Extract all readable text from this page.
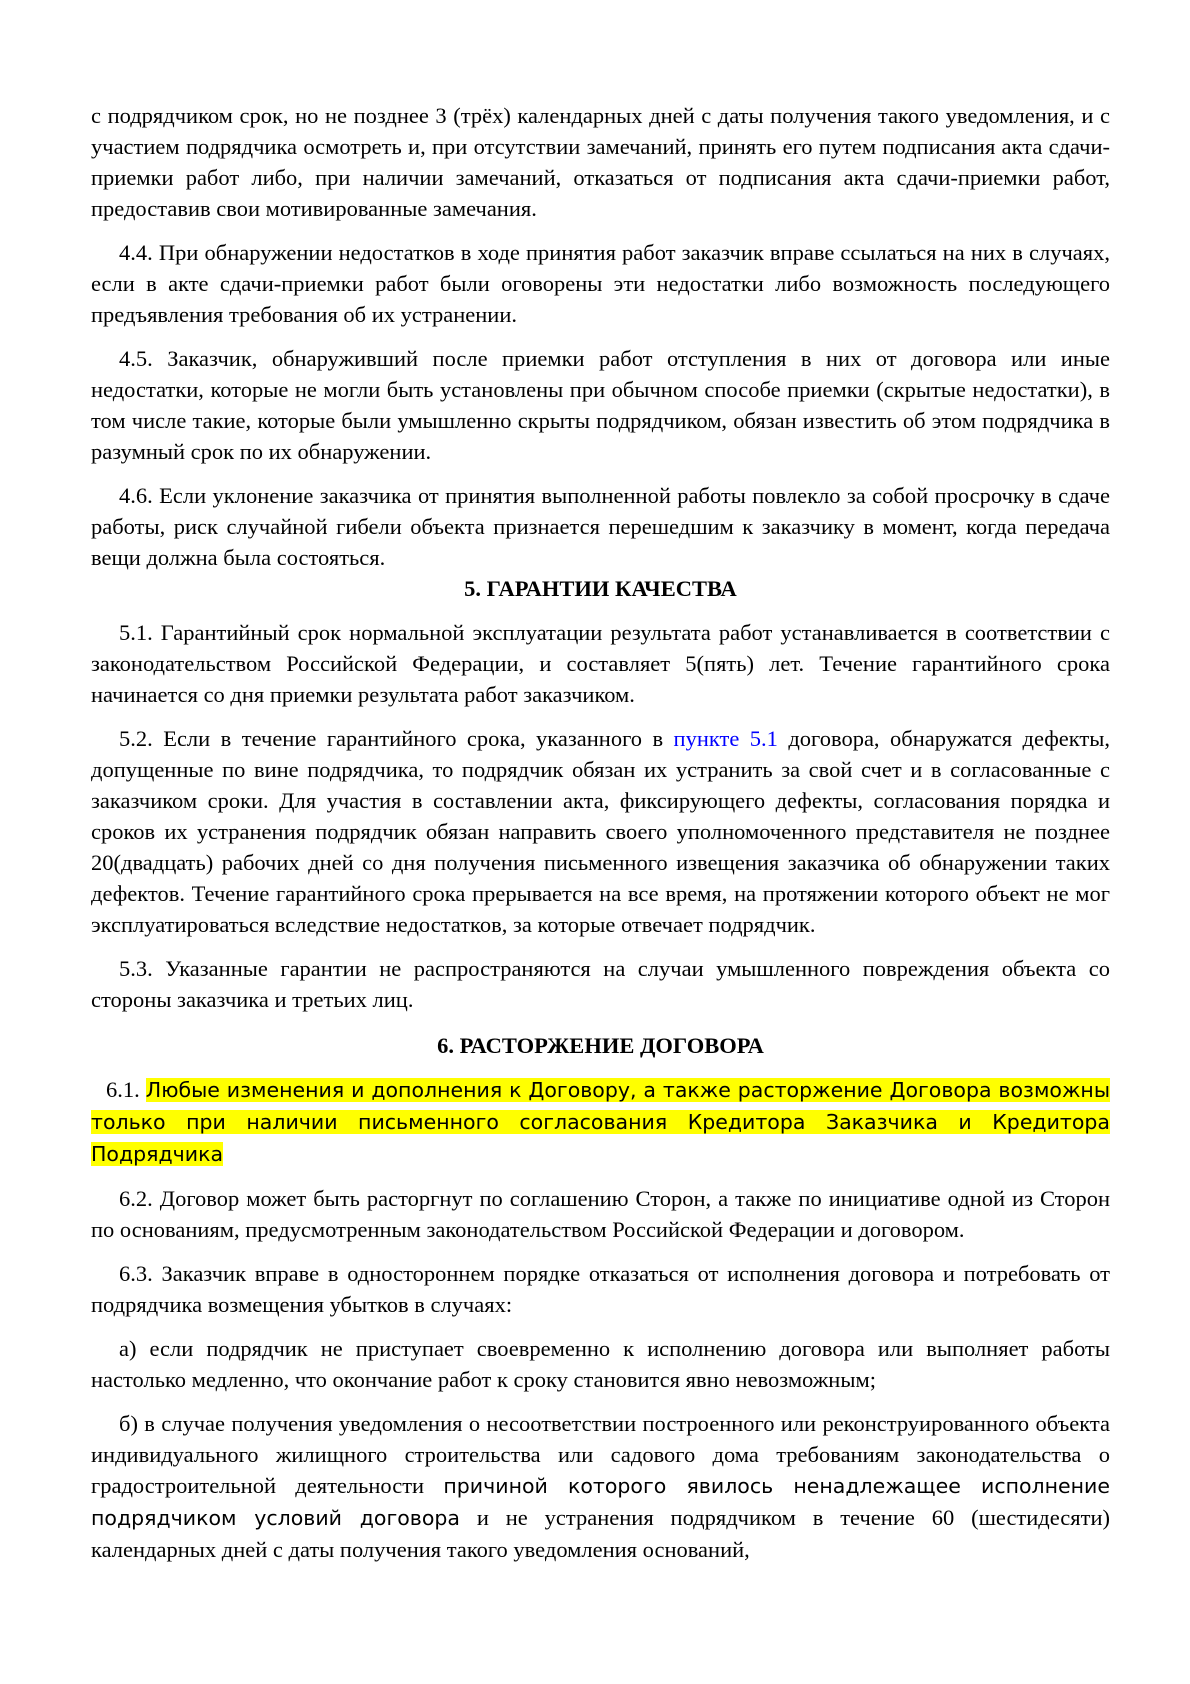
с подрядчиком срок, но не позднее 3 (трёх) календарных дней с даты получения такого уведомления, и с участием подрядчика осмотреть и, при отсутствии замечаний, принять его путем подписания акта сдачи-приемки работ либо, при наличии замечаний, отказаться от подписания акта сдачи-приемки работ, предоставив свои мотивированные замечания.

4.4. При обнаружении недостатков в ходе принятия работ заказчик вправе ссылаться на них в случаях, если в акте сдачи-приемки работ были оговорены эти недостатки либо возможность последующего предъявления требования об их устранении.

4.5. Заказчик, обнаруживший после приемки работ отступления в них от договора или иные недостатки, которые не могли быть установлены при обычном способе приемки (скрытые недостатки), в том числе такие, которые были умышленно скрыты подрядчиком, обязан известить об этом подрядчика в разумный срок по их обнаружении.

4.6. Если уклонение заказчика от принятия выполненной работы повлекло за собой просрочку в сдаче работы, риск случайной гибели объекта признается перешедшим к заказчику в момент, когда передача вещи должна была состояться.

5. ГАРАНТИИ КАЧЕСТВА

5.1. Гарантийный срок нормальной эксплуатации результата работ устанавливается в соответствии с законодательством Российской Федерации, и составляет 5(пять) лет. Течение гарантийного срока начинается со дня приемки результата работ заказчиком.

5.2. Если в течение гарантийного срока, указанного в пункте 5.1 договора, обнаружатся дефекты, допущенные по вине подрядчика, то подрядчик обязан их устранить за свой счет и в согласованные с заказчиком сроки. Для участия в составлении акта, фиксирующего дефекты, согласования порядка и сроков их устранения подрядчик обязан направить своего уполномоченного представителя не позднее 20(двадцать) рабочих дней со дня получения письменного извещения заказчика об обнаружении таких дефектов. Течение гарантийного срока прерывается на все время, на протяжении которого объект не мог эксплуатироваться вследствие недостатков, за которые отвечает подрядчик.

5.3. Указанные гарантии не распространяются на случаи умышленного повреждения объекта со стороны заказчика и третьих лиц.

6. РАСТОРЖЕНИЕ ДОГОВОРА

6.1. Любые изменения и дополнения к Договору, а также расторжение Договора возможны только при наличии письменного согласования Кредитора Заказчика и Кредитора Подрядчика

6.2. Договор может быть расторгнут по соглашению Сторон, а также по инициативе одной из Сторон по основаниям, предусмотренным законодательством Российской Федерации и договором.

6.3. Заказчик вправе в одностороннем порядке отказаться от исполнения договора и потребовать от подрядчика возмещения убытков в случаях:

а) если подрядчик не приступает своевременно к исполнению договора или выполняет работы настолько медленно, что окончание работ к сроку становится явно невозможным;

б) в случае получения уведомления о несоответствии построенного или реконструированного объекта индивидуального жилищного строительства или садового дома требованиям законодательства о градостроительной деятельности причиной которого явилось ненадлежащее исполнение подрядчиком условий договора и не устранения подрядчиком в течение 60 (шестидесяти) календарных дней с даты получения такого уведомления оснований,
